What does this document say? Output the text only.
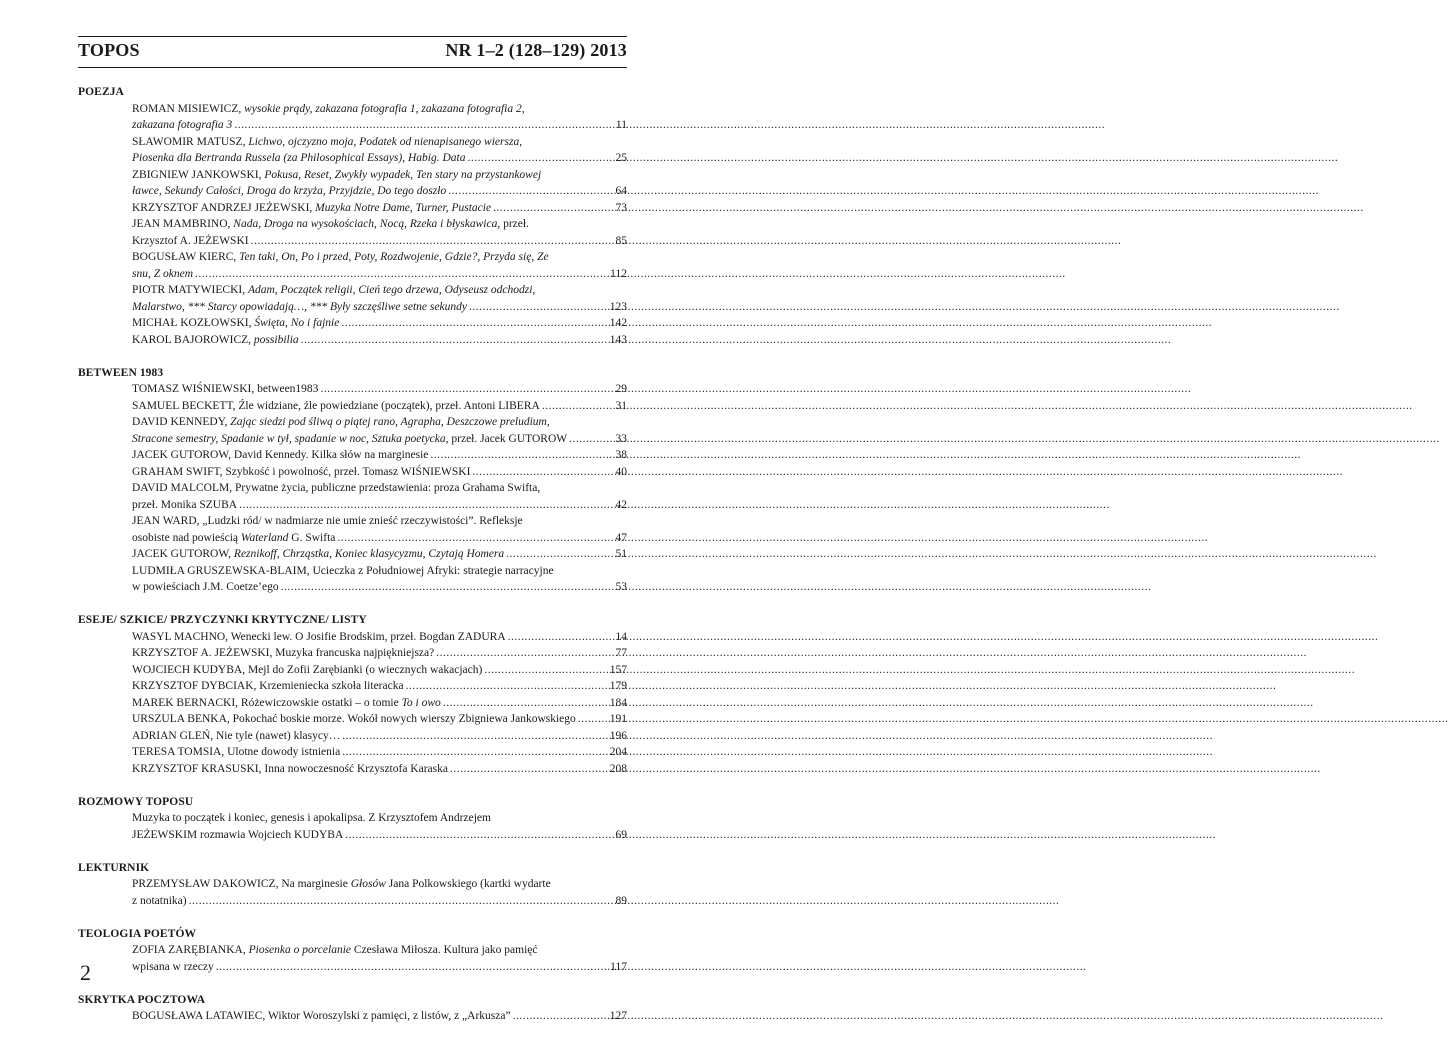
TOPOS	NR 1–2 (128–129) 2013
POEZJA
ROMAN MISIEWICZ, wysokie prądy, zakazana fotografia 1, zakazana fotografia 2,
zakazana fotografia 3 .....	11
SŁAWOMIR MATUSZ, Lichwo, ojczyzno moja, Podatek od nienapisanego wiersza,
Piosenka dla Bertranda Russela (za Philosophical Essays), Habig. Data .....	25
ZBIGNIEW JANKOWSKI, Pokusa, Reset, Zwykły wypadek, Ten stary na przystankowej
ławce, Sekundy Całości, Droga do krzyża, Przyjdzie, Do tego doszło .....	64
KRZYSZTOF ANDRZEJ JEŻEWSKI, Muzyka Notre Dame, Turner, Pustacie .....	73
JEAN MAMBRINO, Nada, Droga na wysokościach, Nocą, Rzeka i błyskawica, przeł.
Krzysztof A. JEŻEWSKI .....	85
BOGUSŁAW KIERC, Ten taki, On, Po i przed, Poty, Rozdwojenie, Gdzie?, Przyda się, Ze
snu, Z oknem .....	112
PIOTR MATYWIECKI, Adam, Początek religii, Cień tego drzewa, Odyseusz odchodzi,
Malarstwo, *** Starcy opowiadają…, *** Były szczęśliwe setne sekundy .....	123
MICHAŁ KOZŁOWSKI, Święta, No i fajnie .....	142
KAROL BAJOROWICZ, possibilia .....	143
BETWEEN 1983
TOMASZ WIŚNIEWSKI, between1983 .....	29
SAMUEL BECKETT, Źle widziane, źle powiedziane (początek), przeł. Antoni LIBERA .....	31
DAVID KENNEDY, Zając siedzi pod śliwą o piątej rano, Agrapha, Deszczowe preludium,
Stracone semestry, Spadanie w tył, spadanie w noc, Sztuka poetycka, przeł. Jacek GUTOROW .....	33
JACEK GUTOROW, David Kennedy. Kilka słów na marginesie .....	38
GRAHAM SWIFT, Szybkość i powolność, przeł. Tomasz WIŚNIEWSKI .....	40
DAVID MALCOLM, Prywatne życia, publiczne przedstawienia: proza Grahama Swifta,
przeł. Monika SZUBA .....	42
JEAN WARD, „Ludzki ród/ w nadmiarze nie umie znieść rzeczywistości”. Refleksje
osobiste nad powieścią Waterland G. Swifta .....	47
JACEK GUTOROW, Reznikoff, Chrząstka, Koniec klasycyzmu, Czytają Homera .....	51
LUDMIŁA GRUSZEWSKA-BLAIM, Ucieczka z Południowej Afryki: strategie narracyjne
w powieściach J.M. Coetze’ego .....	53
ESEJE/ SZKICE/ PRZYCZYNKI KRYTYCZNE/ LISTY
WASYL MACHNO, Wenecki lew. O Josifie Brodskim, przeł. Bogdan ZADURA .....	14
KRZYSZTOF A. JEŻEWSKI, Muzyka francuska najpiękniejsza? .....	77
WOJCIECH KUDYBA, Mejl do Zofii Zarębianki (o wiecznych wakacjach) .....	157
KRZYSZTOF DYBCIAK, Krzemieniecka szkoła literacka .....	179
MAREK BERNACKI, Różewiczowskie ostatki – o tomie To i owo .....	184
URSZULA BENKA, Pokochać boskie morze. Wokół nowych wierszy Zbigniewa Jankowskiego .....	191
ADRIAN GLEŃ, Nie tyle (nawet) klasycy… .....	196
TERESA TOMSIA, Ulotne dowody istnienia .....	204
KRZYSZTOF KRASUSKI, Inna nowoczesność Krzysztofa Karaska .....	208
ROZMOWY TOPOSU
Muzyka to początek i koniec, genesis i apokalipsa. Z Krzysztofem Andrzejem
JEŻEWSKIM rozmawia Wojciech KUDYBA .....	69
LEKTURNIK
PRZEMYSŁAW DAKOWICZ, Na marginesie Głosów Jana Polkowskiego (kartki wydarte
z notatnika) .....	89
TEOLOGIA POETÓW
ZOFIA ZARĘBIANKA, Piosenka o porcelanie Czesława Miłosza. Kultura jako pamięć
wpisana w rzeczy .....	117
SKRYTKA POCZTOWA
BOGUSŁAWA LATAWIEC, Wiktor Woroszylski z pamięci, z listów, z „Arkusza” .....	127
2
